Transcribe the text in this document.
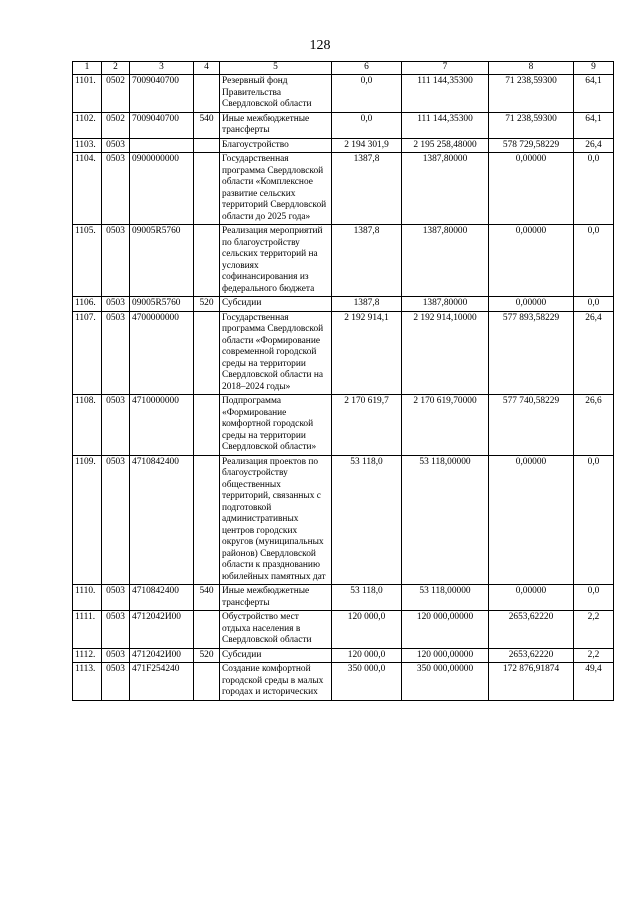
128
1	2	3	4	5	6	7	8	9
1101.	0502	7009040700		Резервный фонд Правительства Свердловской области	0,0	111 144,35300	71 238,59300	64,1
1102.	0502	7009040700	540	Иные межбюджетные трансферты	0,0	111 144,35300	71 238,59300	64,1
1103.	0503			Благоустройство	2 194 301,9	2 195 258,48000	578 729,58229	26,4
1104.	0503	0900000000		Государственная программа Свердловской области «Комплексное развитие сельских территорий Свердловской области до 2025 года»	1387,8	1387,80000	0,00000	0,0
1105.	0503	09005R5760		Реализация мероприятий по благоустройству сельских территорий на условиях софинансирования из федерального бюджета	1387,8	1387,80000	0,00000	0,0
1106.	0503	09005R5760	520	Субсидии	1387,8	1387,80000	0,00000	0,0
1107.	0503	4700000000		Государственная программа Свердловской области «Формирование современной городской среды на территории Свердловской области на 2018–2024 годы»	2 192 914,1	2 192 914,10000	577 893,58229	26,4
1108.	0503	4710000000		Подпрограмма «Формирование комфортной городской среды на территории Свердловской области»	2 170 619,7	2 170 619,70000	577 740,58229	26,6
1109.	0503	4710842400		Реализация проектов по благоустройству общественных территорий, связанных с подготовкой административных центров городских округов (муниципальных районов) Свердловской области к празднованию юбилейных памятных дат	53 118,0	53 118,00000	0,00000	0,0
1110.	0503	4710842400	540	Иные межбюджетные трансферты	53 118,0	53 118,00000	0,00000	0,0
1111.	0503	4712042И00		Обустройство мест отдыха населения в Свердловской области	120 000,0	120 000,00000	2653,62220	2,2
1112.	0503	4712042И00	520	Субсидии	120 000,0	120 000,00000	2653,62220	2,2
1113.	0503	471F254240		Создание комфортной городской среды в малых городах и исторических	350 000,0	350 000,00000	172 876,91874	49,4
